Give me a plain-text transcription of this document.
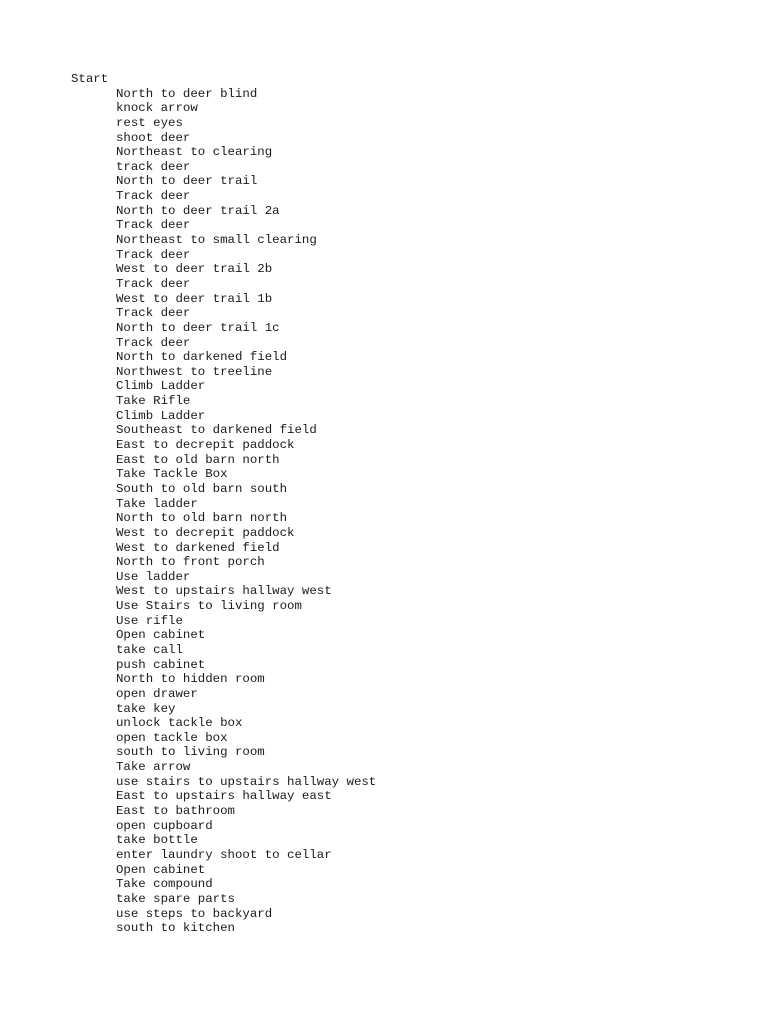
Start
North to deer blind
knock arrow
rest eyes
shoot deer
Northeast to clearing
track deer
North to deer trail
Track deer
North to deer trail 2a
Track deer
Northeast to small clearing
Track deer
West to deer trail 2b
Track deer
West to deer trail 1b
Track deer
North to deer trail 1c
Track deer
North to darkened field
Northwest to treeline
Climb Ladder
Take Rifle
Climb Ladder
Southeast to darkened field
East to decrepit paddock
East to old barn north
Take Tackle Box
South to old barn south
Take ladder
North to old barn north
West to decrepit paddock
West to darkened field
North to front porch
Use ladder
West to upstairs hallway west
Use Stairs to living room
Use rifle
Open cabinet
take call
push cabinet
North to hidden room
open drawer
take key
unlock tackle box
open tackle box
south to living room
Take arrow
use stairs to upstairs hallway west
East to upstairs hallway east
East to bathroom
open cupboard
take bottle
enter laundry shoot to cellar
Open cabinet
Take compound
take spare parts
use steps to backyard
south to kitchen
